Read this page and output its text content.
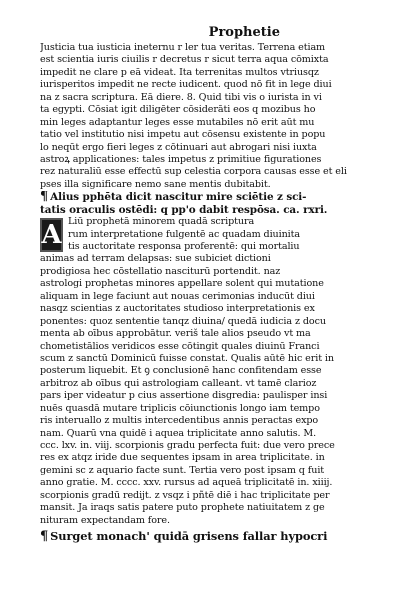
Prophetie
Justicia tua iusticia ineternu r ler tua veritas. Terrena etiam
est scientia iuris ciuilis r decretus r sicut terra aqua cōmixta
impedit ne clare p eā videat. Ita terrenitas multos vtriusqz
iurisperitos impedit ne recte iudicent. quod nō fit in lege diui
na z sacra scriptura. Eā diere. 8. Quid tibi vis o iurista in vi
ta egypti. Cōsiat igit diligēter cōsiderāti eos q mozibus ho
min leges adaptantur leges esse mutabiles nō erit aūt mu
tatio vel institutio nisi impetu aut cōsensu existente in popu
lo neqūt ergo fieri leges z cōtinuari aut abrogari nisi iuxta
astroꝝ applicationes: tales impetus z primitiue figurationes
rez naturaliū esse effectū sup celestia corpora causas esse et eli
pses illa significare nemo sane mentis dubitabit.
¶ Alius pphēta dicit nascitur mire sciētie z sci-
tatis oraculis ostēdi: q pp'o dabit respōsa. ca. rxri.
A Liū prophetā minorem quadā scriptura
rum interpretatione fulgentē ac quadam diuinita
tis auctoritate responsa proferentē: qui mortaliu
animas ad terram delapsas: sue subiciet dictioni
prodigiosa hec cōstellatio nasciturū portendit. naz
astrologi prophetas minores appellare solent qui mutatione
aliquam in lege faciunt aut nouas cerimonias inducūt diui
nasqz scientias z auctoritates studioso interpretationis ex
ponentes: quoz sententie tanqz diuina/ quedā iudicia z docu
menta ab oībus approbātur. veriš tale alios pseudo vt ma
chometistālios veridicos esse cōtingit quales diuinū Franci
scum z sanctū Dominicū fuisse constat. Qualis aūtē hic erit in
posterum liquebit. Et ꝯ conclusionē hanc confitendam esse
arbitroz ab oībus qui astrologiam calleant. vt tamē clarioz
pars iper videatur p cius assertione disgredia: paulisper insi
nuēs quasdā mutare triplicis cōiunctionis longo iam tempo
ris interuallo z multis intercedentibus annis peractas expo
nam. Quarū vna quidē i aquea triplicitate anno salutis. M.
ccc. lxv. in. viij. scorpionis gradu perfecta fuit: due vero prece
res ex atqz iride due sequentes ipsam in area triplicitate. in
gemini sc z aquario facte sunt. Tertia vero post ipsam q fuit
anno gratie. M. cccc. xxv. rursus ad aqueā triplicitatē in. xiiij.
scorpionis gradū redijt. z vsqz i pñtē diē i hac triplicitate per
mansit. Ja iraqs satis patere puto prophete natiuitatem z ge
nituram expectandam fore.
¶ Surget monach' quidā grisens fallar hypocri
